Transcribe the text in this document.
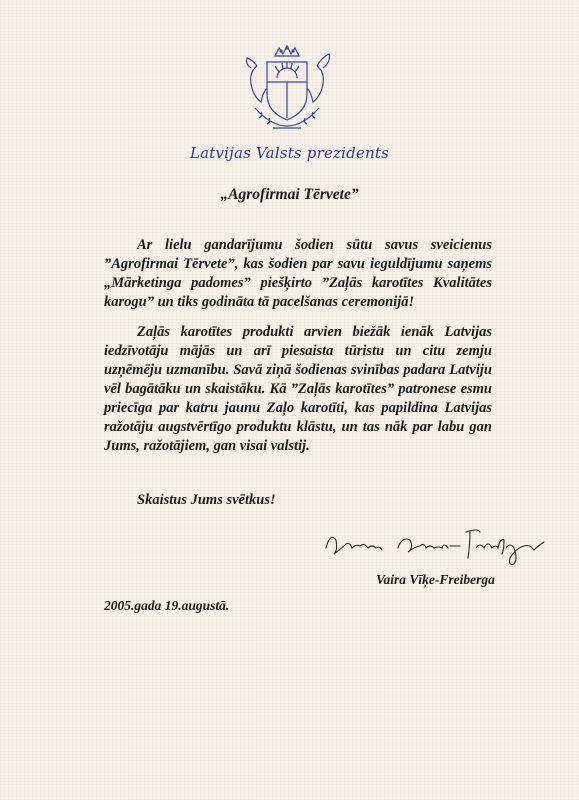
Latvijas Valsts prezidents
„Agrofirmai Tērvete”

Ar lielu gandarījumu šodien sūtu savus sveicienus ”Agrofirmai Tērvete”, kas šodien par savu ieguldījumu saņems „Mārketinga padomes” piešķirto ”Zaļās karotītes Kvalitātes karogu” un tiks godināta tā pacelšanas ceremonijā!

Zaļās karotītes produkti arvien biežāk ienāk Latvijas iedzīvotāju mājās un arī piesaista tūristu un citu zemju uzņēmēju uzmanību. Savā ziņā šodienas svinības padara Latviju vēl bagātāku un skaistāku. Kā ”Zaļās karotītes” patronese esmu priecīga par katru jaunu Zaļo karotīti, kas papildina Latvijas ražotāju augstvērtīgo produktu klāstu, un tas nāk par labu gan Jums, ražotājiem, gan visai valstij.

Skaistus Jums svētkus!
Vaira Vīķe-Freiberga
2005.gada 19.augustā.
